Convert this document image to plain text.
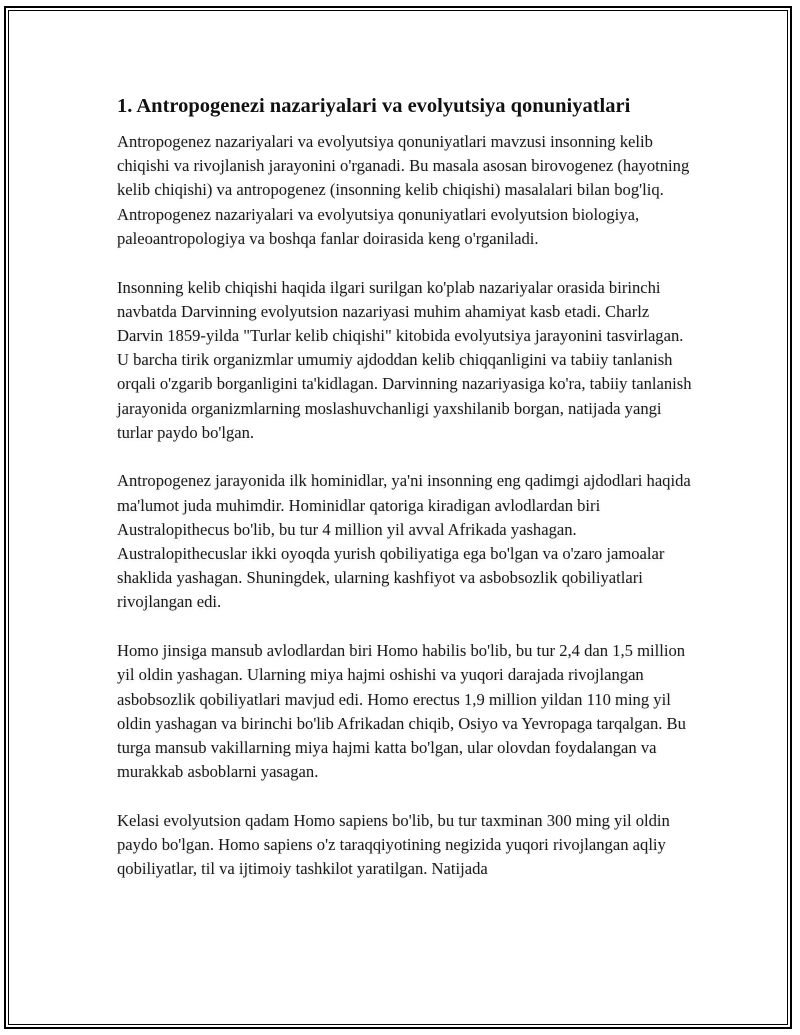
1. Antropogenezi nazariyalari va evolyutsiya qonuniyatlari

Antropogenez nazariyalari va evolyutsiya qonuniyatlari mavzusi insonning kelib chiqishi va rivojlanish jarayonini o'rganadi. Bu masala asosan birovogenez (hayotning kelib chiqishi) va antropogenez (insonning kelib chiqishi) masalalari bilan bog'liq. Antropogenez nazariyalari va evolyutsiya qonuniyatlari evolyutsion biologiya, paleoantropologiya va boshqa fanlar doirasida keng o'rganiladi.

Insonning kelib chiqishi haqida ilgari surilgan ko'plab nazariyalar orasida birinchi navbatda Darvinning evolyutsion nazariyasi muhim ahamiyat kasb etadi. Charlz Darvin 1859-yilda "Turlar kelib chiqishi" kitobida evolyutsiya jarayonini tasvirlagan. U barcha tirik organizmlar umumiy ajdoddan kelib chiqqanligini va tabiiy tanlanish orqali o'zgarib borganligini ta'kidlagan. Darvinning nazariyasiga ko'ra, tabiiy tanlanish jarayonida organizmlarning moslashuvchanligi yaxshilanib borgan, natijada yangi turlar paydo bo'lgan.

Antropogenez jarayonida ilk hominidlar, ya'ni insonning eng qadimgi ajdodlari haqida ma'lumot juda muhimdir. Hominidlar qatoriga kiradigan avlodlardan biri Australopithecus bo'lib, bu tur 4 million yil avval Afrikada yashagan. Australopithecuslar ikki oyoqda yurish qobiliyatiga ega bo'lgan va o'zaro jamoalar shaklida yashagan. Shuningdek, ularning kashfiyot va asbobsozlik qobiliyatlari rivojlangan edi.

Homo jinsiga mansub avlodlardan biri Homo habilis bo'lib, bu tur 2,4 dan 1,5 million yil oldin yashagan. Ularning miya hajmi oshishi va yuqori darajada rivojlangan asbobsozlik qobiliyatlari mavjud edi. Homo erectus 1,9 million yildan 110 ming yil oldin yashagan va birinchi bo'lib Afrikadan chiqib, Osiyo va Yevropaga tarqalgan. Bu turga mansub vakillarning miya hajmi katta bo'lgan, ular olovdan foydalangan va murakkab asboblarni yasagan.

Kelasi evolyutsion qadam Homo sapiens bo'lib, bu tur taxminan 300 ming yil oldin paydo bo'lgan. Homo sapiens o'z taraqqiyotining negizida yuqori rivojlangan aqliy qobiliyatlar, til va ijtimoiy tashkilot yaratilgan. Natijada
